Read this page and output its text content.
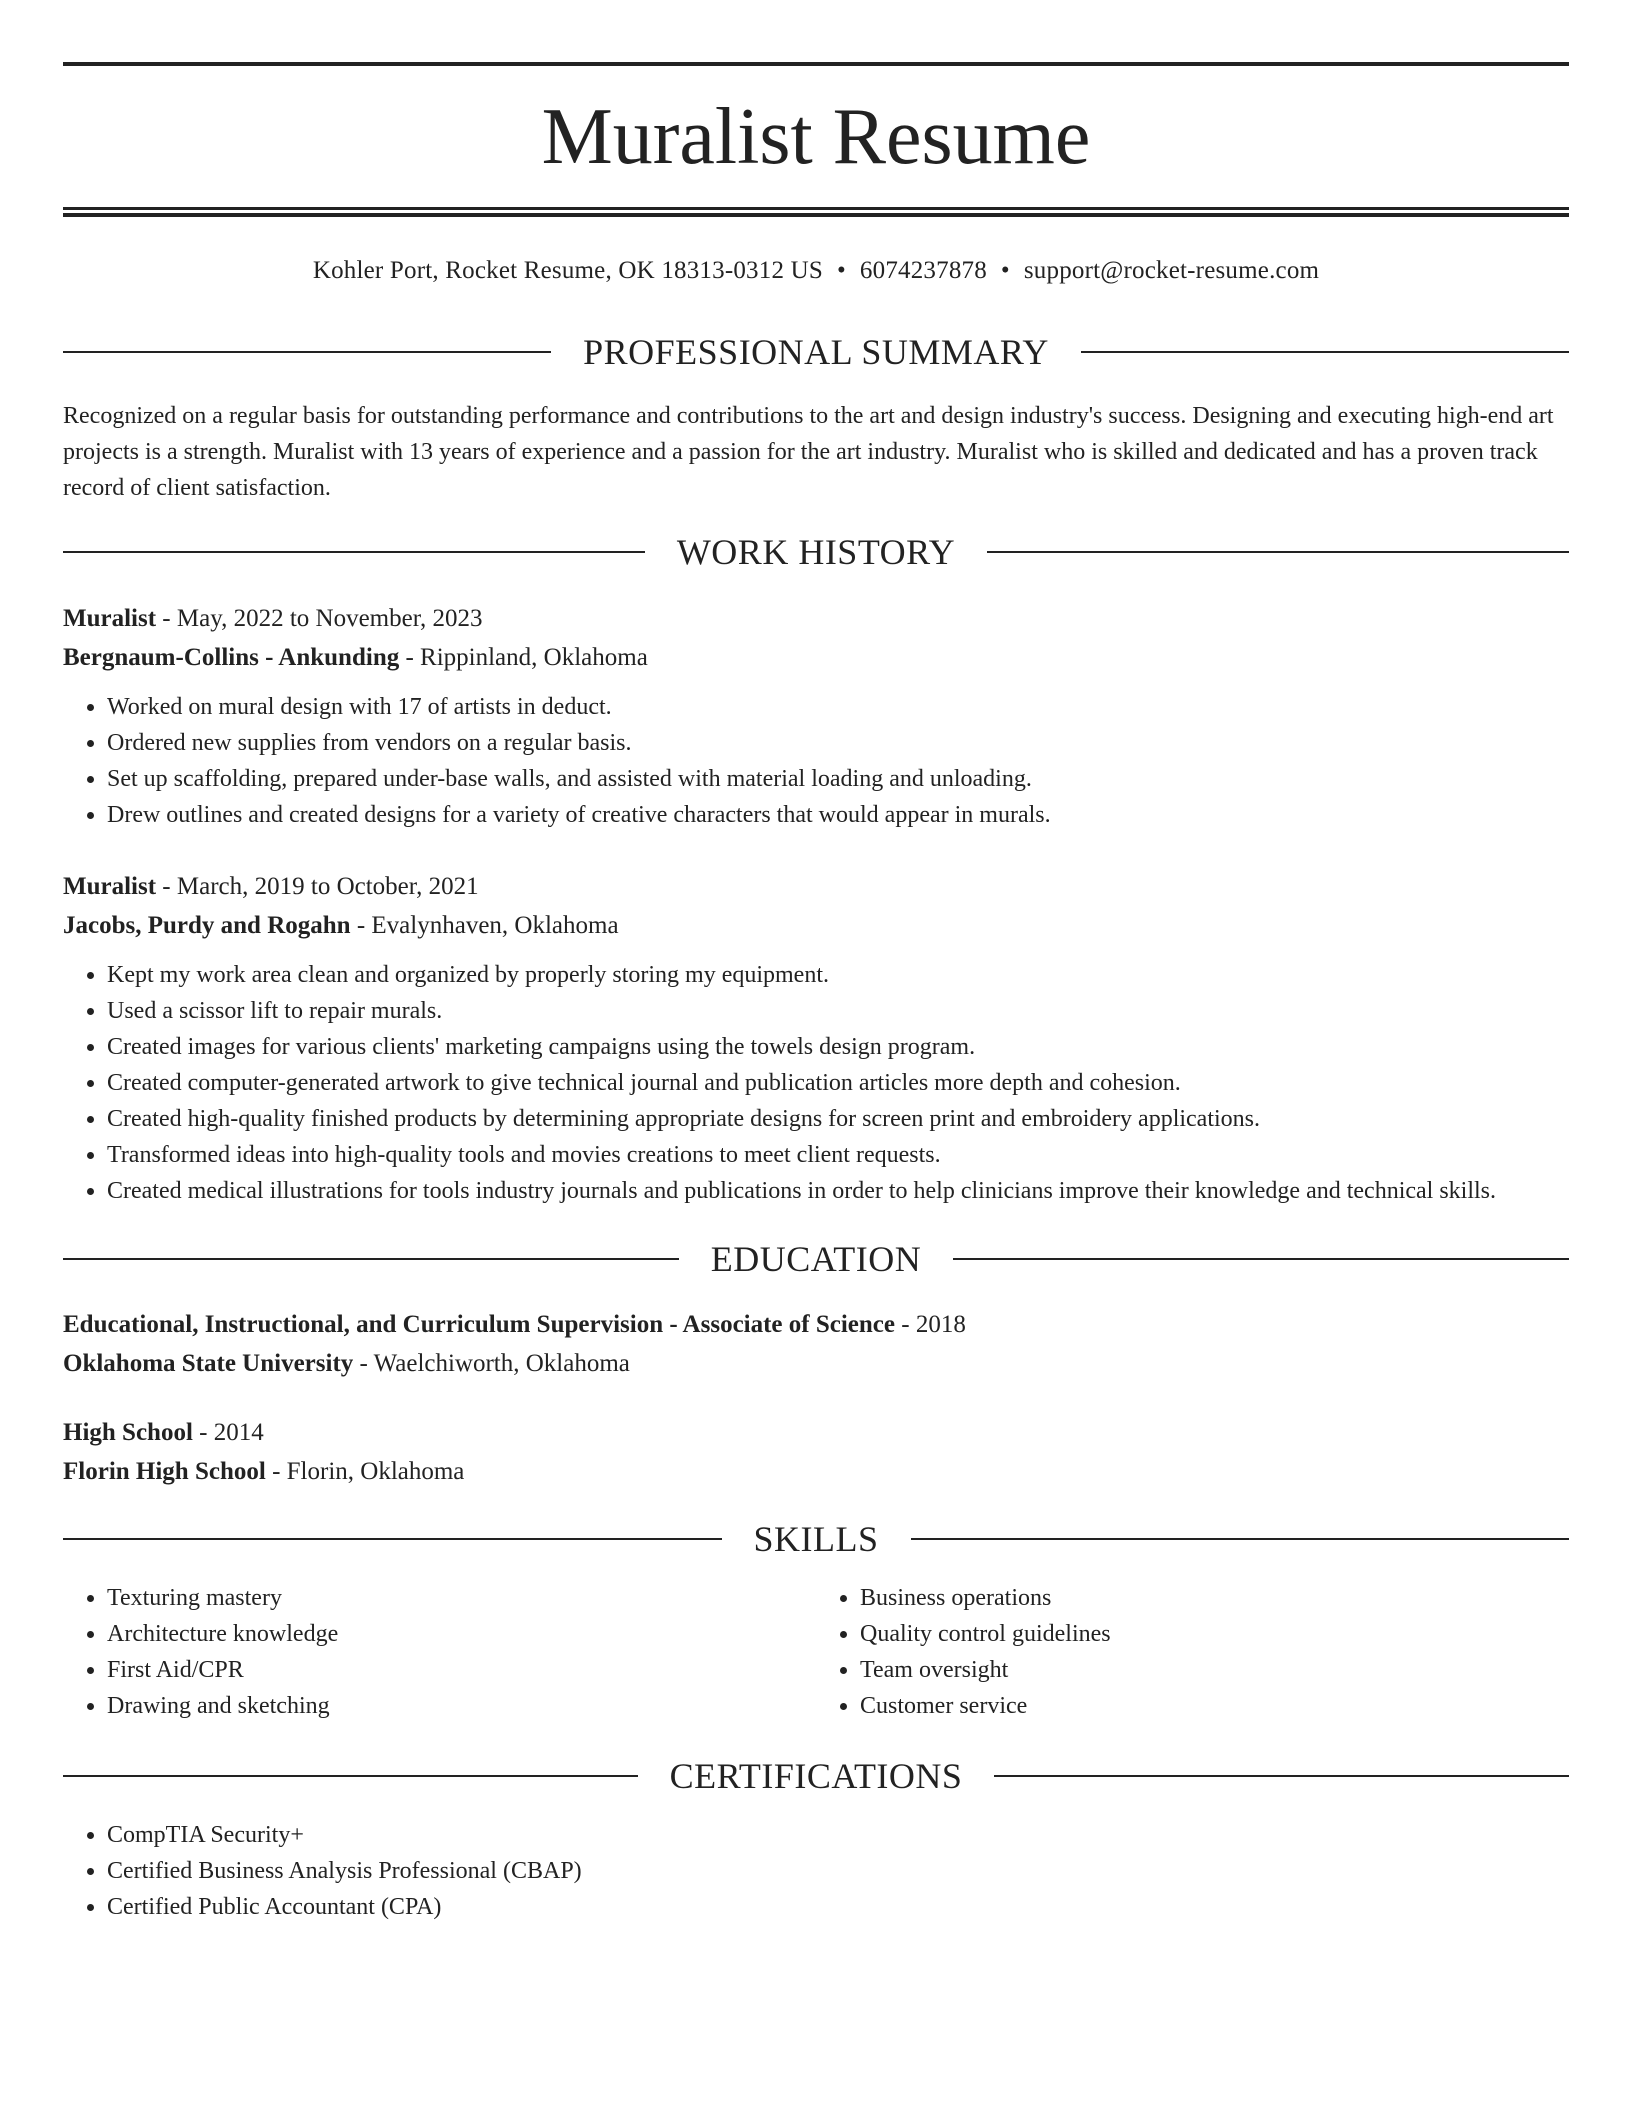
Muralist Resume
Kohler Port, Rocket Resume, OK 18313-0312 US • 6074237878 • support@rocket-resume.com
PROFESSIONAL SUMMARY
Recognized on a regular basis for outstanding performance and contributions to the art and design industry's success. Designing and executing high-end art projects is a strength. Muralist with 13 years of experience and a passion for the art industry. Muralist who is skilled and dedicated and has a proven track record of client satisfaction.
WORK HISTORY
Muralist - May, 2022 to November, 2023
Bergnaum-Collins - Ankunding - Rippinland, Oklahoma
• Worked on mural design with 17 of artists in deduct.
• Ordered new supplies from vendors on a regular basis.
• Set up scaffolding, prepared under-base walls, and assisted with material loading and unloading.
• Drew outlines and created designs for a variety of creative characters that would appear in murals.
Muralist - March, 2019 to October, 2021
Jacobs, Purdy and Rogahn - Evalynhaven, Oklahoma
• Kept my work area clean and organized by properly storing my equipment.
• Used a scissor lift to repair murals.
• Created images for various clients' marketing campaigns using the towels design program.
• Created computer-generated artwork to give technical journal and publication articles more depth and cohesion.
• Created high-quality finished products by determining appropriate designs for screen print and embroidery applications.
• Transformed ideas into high-quality tools and movies creations to meet client requests.
• Created medical illustrations for tools industry journals and publications in order to help clinicians improve their knowledge and technical skills.
EDUCATION
Educational, Instructional, and Curriculum Supervision - Associate of Science - 2018
Oklahoma State University - Waelchiworth, Oklahoma
High School - 2014
Florin High School - Florin, Oklahoma
SKILLS
• Texturing mastery
• Architecture knowledge
• First Aid/CPR
• Drawing and sketching
• Business operations
• Quality control guidelines
• Team oversight
• Customer service
CERTIFICATIONS
• CompTIA Security+
• Certified Business Analysis Professional (CBAP)
• Certified Public Accountant (CPA)
